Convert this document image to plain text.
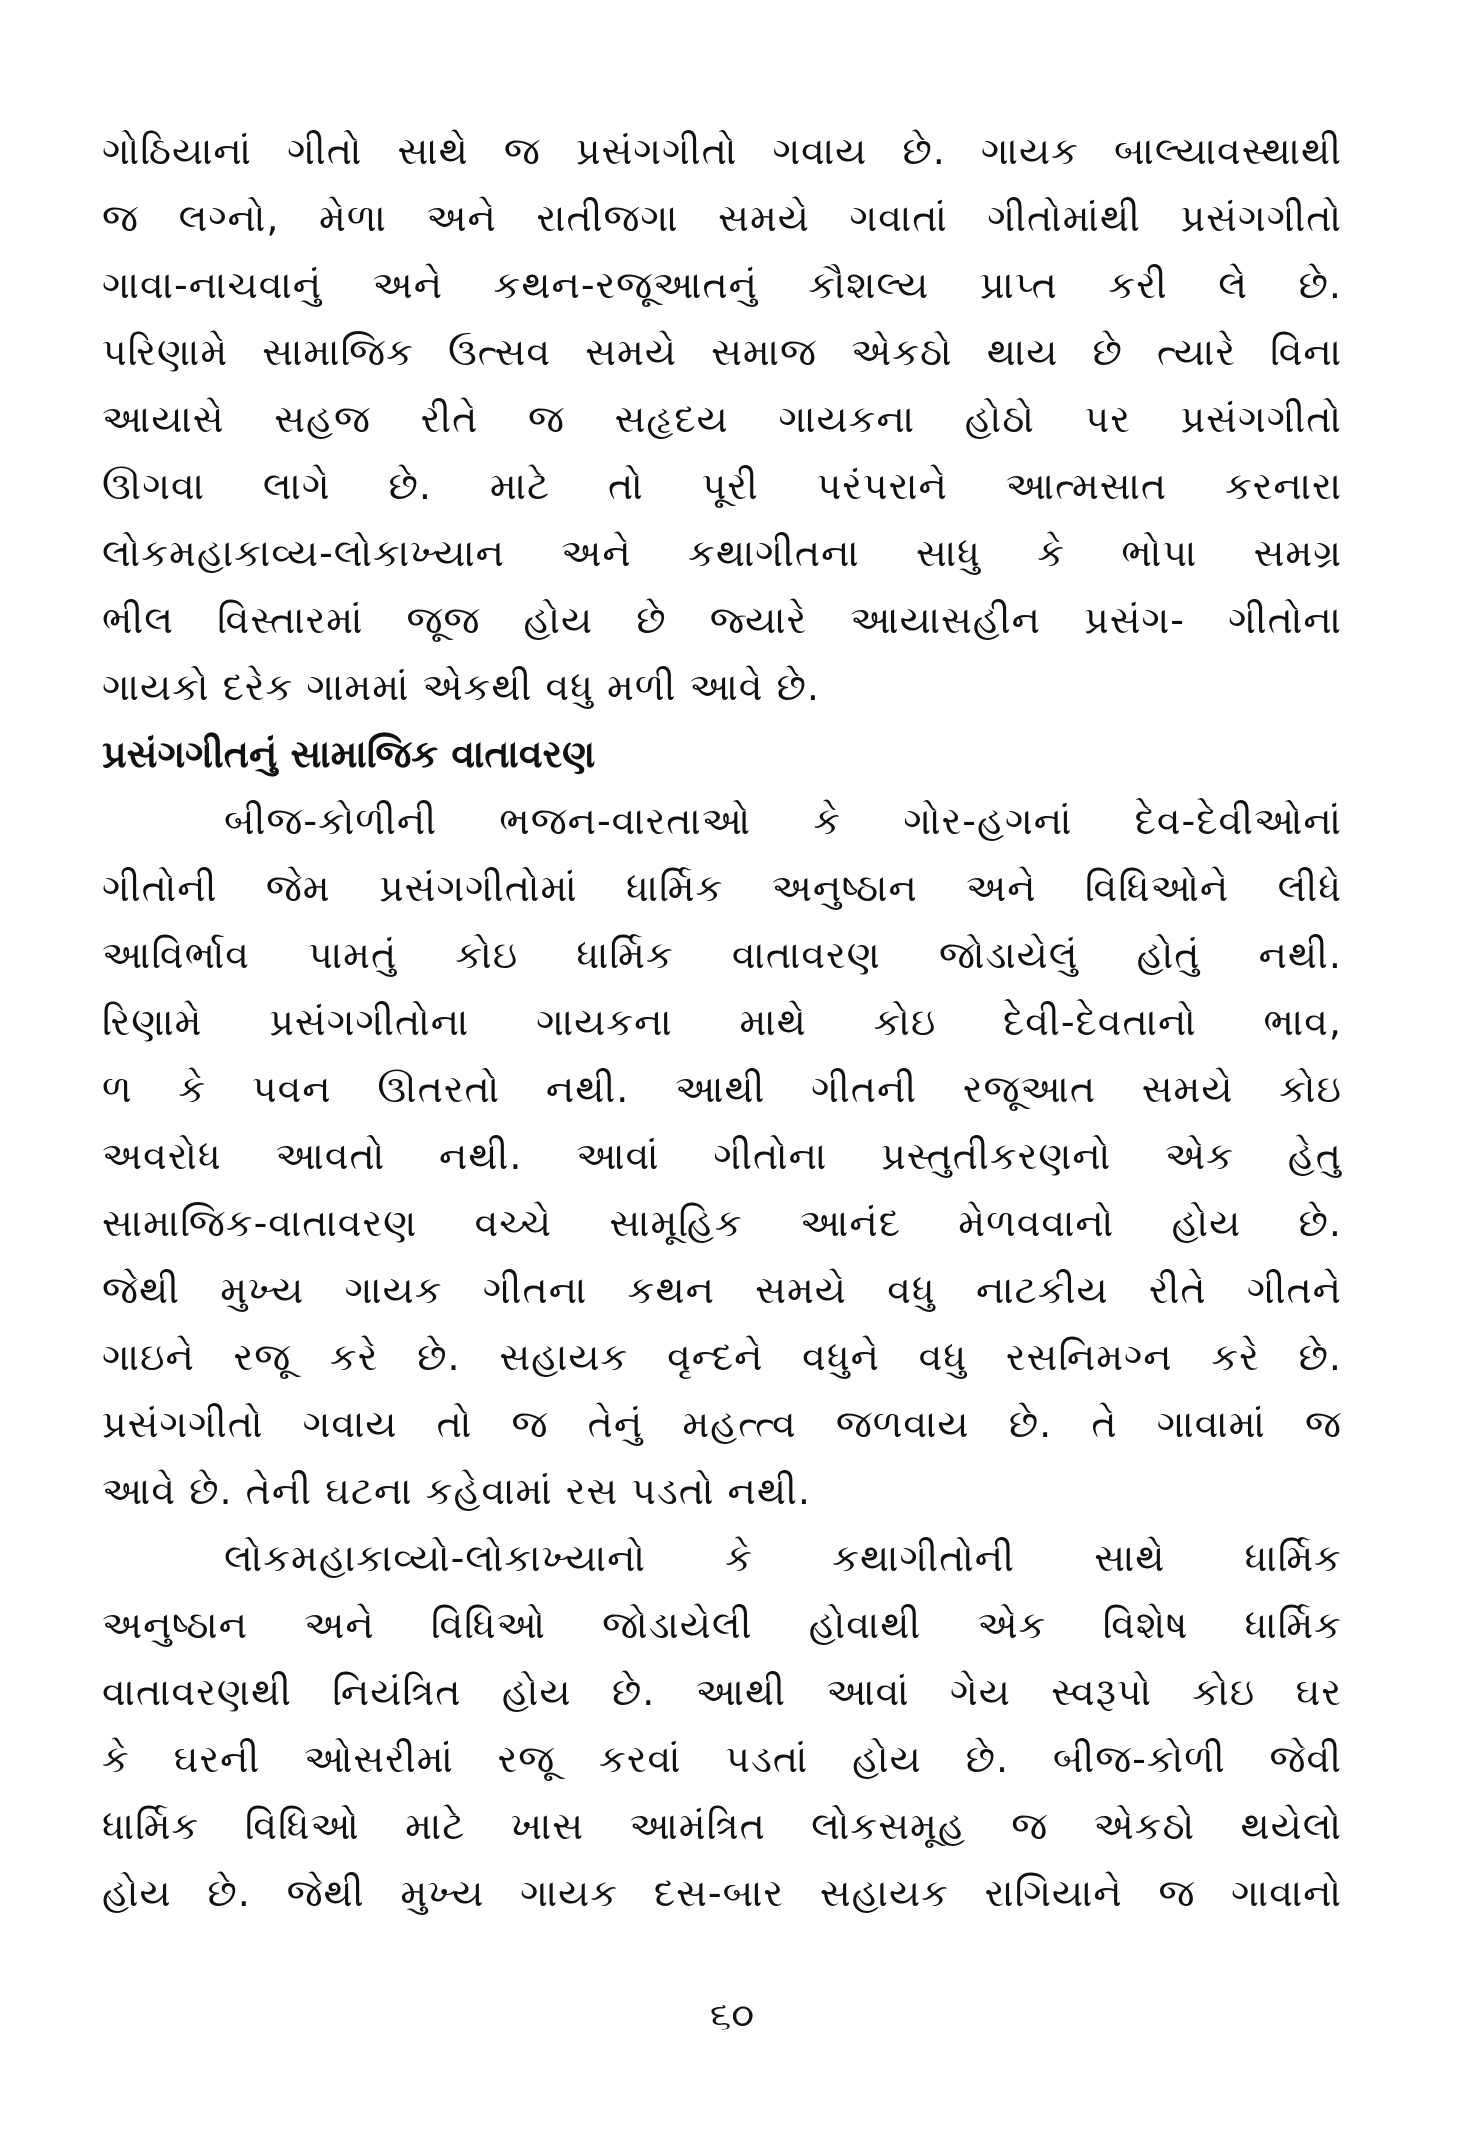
ગોઠિયાનાં ગીતો સાથે જ પ્રસંગગીતો ગવાય છે. ગાયક બાલ્યાવસ્થાથી
જ લગ્નો, મેળા અને રાતીજગા સમયે ગવાતાં ગીતોમાંથી પ્રસંગગીતો
ગાવા-નાચવાનું અને કથન-રજૂઆતનું કૌશલ્ય પ્રાપ્ત કરી લે છે.
પરિણામે સામાજિક ઉત્સવ સમયે સમાજ એકઠો થાય છે ત્યારે વિના
આયાસે સહજ રીતે જ સહૃદય ગાયકના હોઠો પર પ્રસંગગીતો
ઊગવા લાગે છે. માટે તો પૂરી પરંપરાને આત્મસાત કરનારા
લોકમહાકાવ્ય-લોકાખ્યાન અને કથાગીતના સાધુ કે ભોપા સમગ્ર
ભીલ વિસ્તારમાં જૂજ હોય છે જ્યારે આયાસહીન પ્રસંગ- ગીતોના
ગાયકો દરેક ગામમાં એકથી વધુ મળી આવે છે.
પ્રસંગગીતનું સામાજિક વાતાવરણ
બીજ-કોળીની ભજન-વારતાઓ કે ગોર-હગનાં દેવ-દેવીઓનાં
ગીતોની જેમ પ્રસંગગીતોમાં ધાર્મિક અનુષ્ઠાન અને વિધિઓને લીધે
આવિર્ભાવ પામતું કોઇ ધાર્મિક વાતાવરણ જોડાયેલું હોતું નથી.
રિણામે પ્રસંગગીતોના ગાયકના માથે કોઇ દેવી-દેવતાનો ભાવ,
ળ કે પવન ઊતરતો નથી. આથી ગીતની રજૂઆત સમયે કોઇ
અવરોધ આવતો નથી. આવાં ગીતોના પ્રસ્તુતીકરણનો એક હેતુ
સામાજિક-વાતાવરણ વચ્ચે સામૂહિક આનંદ મેળવવાનો હોય છે.
જેથી મુખ્ય ગાયક ગીતના કથન સમયે વધુ નાટકીય રીતે ગીતને
ગાઇને રજૂ કરે છે. સહાયક વૃન્દને વધુને વધુ રસનિમગ્ન કરે છે.
પ્રસંગગીતો ગવાય તો જ તેનું મહત્ત્વ જળવાય છે. તે ગાવામાં જ
આવે છે. તેની ઘટના કહેવામાં રસ પડતો નથી.
લોકમહાકાવ્યો-લોકાખ્યાનો કે કથાગીતોની સાથે ધાર્મિક
અનુષ્ઠાન અને વિધિઓ જોડાયેલી હોવાથી એક વિશેષ ધાર્મિક
વાતાવરણથી નિયંત્રિત હોય છે. આથી આવાં ગેય સ્વરૂપો કોઇ ઘર
કે ઘરની ઓસરીમાં રજૂ કરવાં પડતાં હોય છે. બીજ-કોળી જેવી
ધાર્મિક વિધિઓ માટે ખાસ આમંત્રિત લોકસમૂહ જ એકઠો થયેલો
હોય છે. જેથી મુખ્ય ગાયક દસ-બાર સહાયક રાગિયાને જ ગાવાનો
૬૦
